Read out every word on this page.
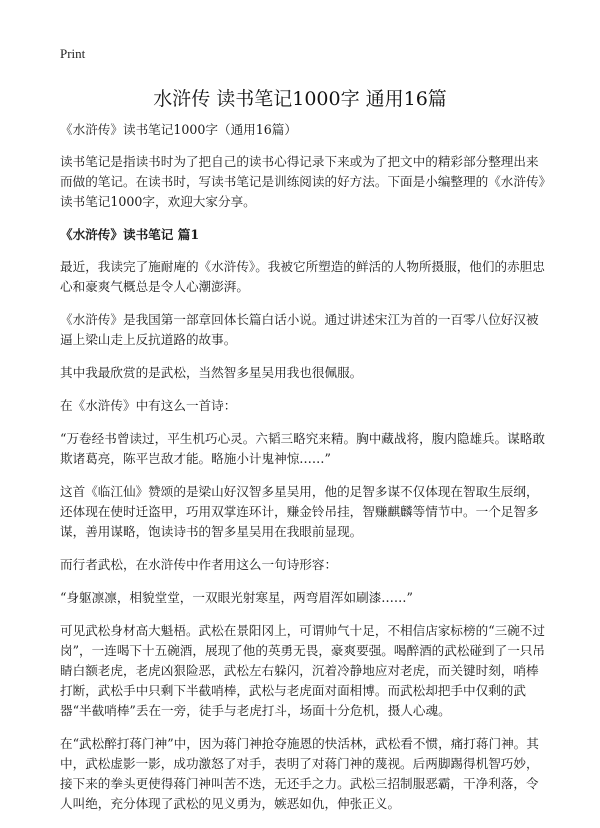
Print
水浒传 读书笔记1000字 通用16篇

《水浒传》读书笔记1000字（通用16篇）

读书笔记是指读书时为了把自己的读书心得记录下来或为了把文中的精彩部分整理出来而做的笔记。在读书时，写读书笔记是训练阅读的好方法。下面是小编整理的《水浒传》读书笔记1000字，欢迎大家分享。

《水浒传》读书笔记 篇1

最近，我读完了施耐庵的《水浒传》。我被它所塑造的鲜活的人物所摄服，他们的赤胆忠心和豪爽气概总是令人心潮澎湃。

《水浒传》是我国第一部章回体长篇白话小说。通过讲述宋江为首的一百零八位好汉被逼上梁山走上反抗道路的故事。

其中我最欣赏的是武松，当然智多星吴用我也很佩服。

在《水浒传》中有这么一首诗：

“万卷经书曾读过，平生机巧心灵。六韬三略究来精。胸中藏战将，腹内隐雄兵。谋略敢欺诸葛亮，陈平岂敌才能。略施小计鬼神惊……”

这首《临江仙》赞颂的是梁山好汉智多星吴用，他的足智多谋不仅体现在智取生辰纲，还体现在使时迁盗甲，巧用双掌连环计，赚金铃吊挂，智赚麒麟等情节中。一个足智多谋，善用谋略，饱读诗书的智多星吴用在我眼前显现。

而行者武松，在水浒传中作者用这么一句诗形容：

“身躯凛凛，相貌堂堂，一双眼光射寒星，两弯眉浑如刷漆……”

可见武松身材高大魁梧。武松在景阳冈上，可谓帅气十足，不相信店家标榜的“三碗不过岗”，一连喝下十五碗酒，展现了他的英勇无畏，豪爽要强。喝醉酒的武松碰到了一只吊睛白额老虎，老虎凶狠险恶，武松左右躲闪，沉着冷静地应对老虎，而关键时刻，哨棒打断，武松手中只剩下半截哨棒，武松与老虎面对面相博。而武松却把手中仅剩的武器“半截哨棒”丢在一旁，徒手与老虎打斗，场面十分危机，摄人心魂。

在“武松醉打蒋门神”中，因为蒋门神抢夺施恩的快活林，武松看不惯，痛打蒋门神。其中，武松虚影一影，成功激怒了对手，表明了对蒋门神的蔑视。后两脚踢得机智巧妙，接下来的拳头更使得蒋门神叫苦不迭，无还手之力。武松三招制服恶霸，干净利落，令人叫绝，充分体现了武松的见义勇为，嫉恶如仇，伸张正义。
